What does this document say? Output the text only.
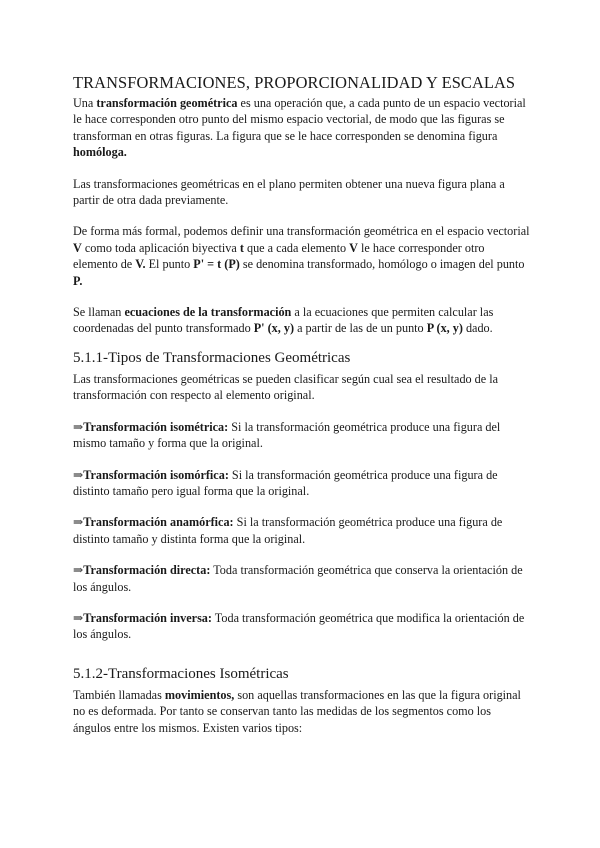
TRANSFORMACIONES, PROPORCIONALIDAD Y ESCALAS

Una transformación geométrica es una operación que, a cada punto de un espacio vectorial le hace corresponden otro punto del mismo espacio vectorial, de modo que las figuras se transforman en otras figuras. La figura que se le hace corresponden se denomina figura homóloga.

Las transformaciones geométricas en el plano permiten obtener una nueva figura plana a partir de otra dada previamente.

De forma más formal, podemos definir una transformación geométrica en el espacio vectorial V como toda aplicación biyectiva t que a cada elemento V le hace corresponder otro elemento de V. El punto P' = t (P) se denomina transformado, homólogo o imagen del punto P.

Se llaman ecuaciones de la transformación a la ecuaciones que permiten calcular las coordenadas del punto transformado P' (x, y) a partir de las de un punto P (x, y) dado.

5.1.1-Tipos de Transformaciones Geométricas

Las transformaciones geométricas se pueden clasificar según cual sea el resultado de la transformación con respecto al elemento original.

⇒Transformación isométrica: Si la transformación geométrica produce una figura del mismo tamaño y forma que la original.

⇒Transformación isomórfica: Si la transformación geométrica produce una figura de distinto tamaño pero igual forma que la original.

⇒Transformación anamórfica: Si la transformación geométrica produce una figura de distinto tamaño y distinta forma que la original.

⇒Transformación directa: Toda transformación geométrica que conserva la orientación de los ángulos.

⇒Transformación inversa: Toda transformación geométrica que modifica la orientación de los ángulos.

5.1.2-Transformaciones Isométricas

También llamadas movimientos, son aquellas transformaciones en las que la figura original no es deformada. Por tanto se conservan tanto las medidas de los segmentos como los ángulos entre los mismos. Existen varios tipos:
